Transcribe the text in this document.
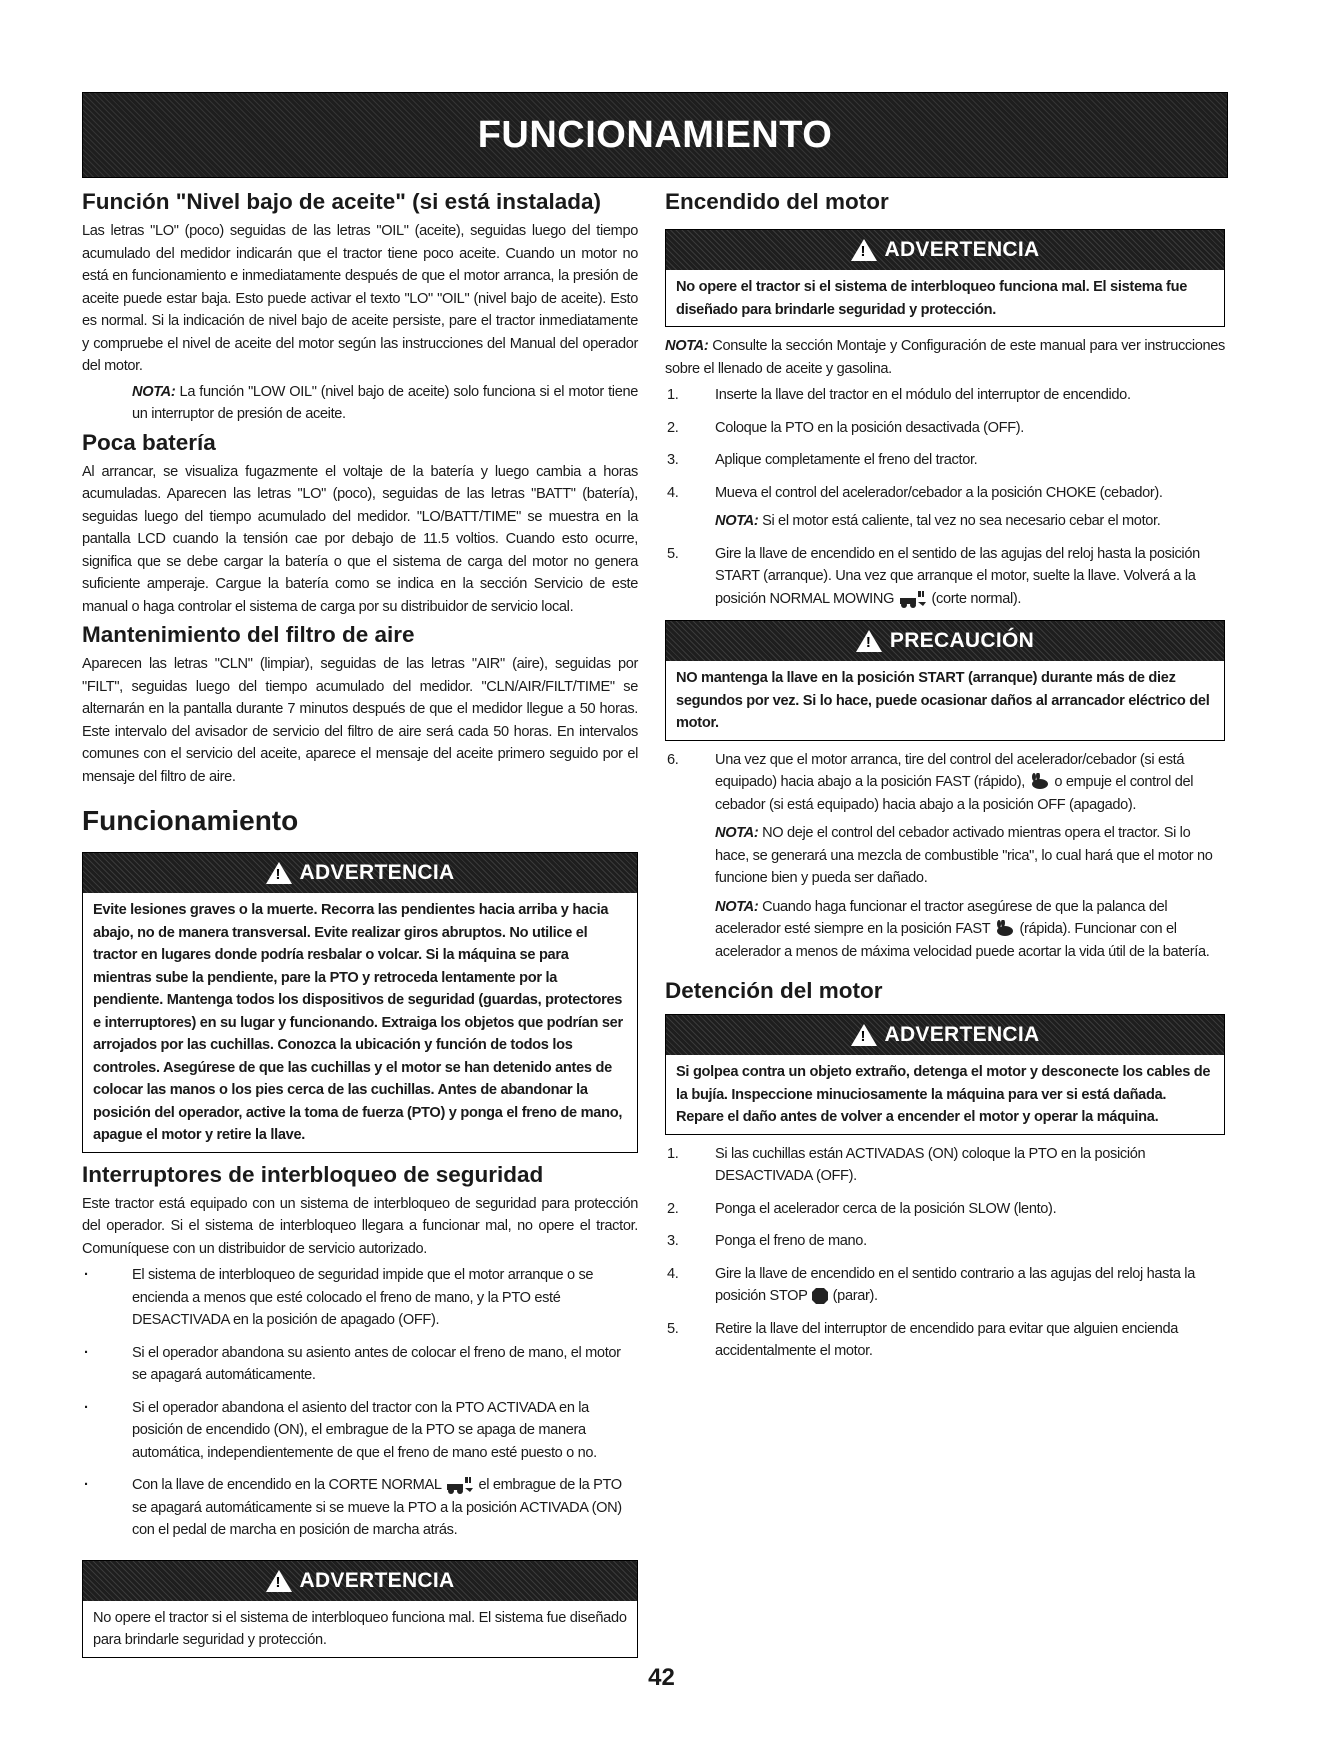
FUNCIONAMIENTO
Función "Nivel bajo de aceite" (si está instalada)

Las letras "LO" (poco) seguidas de las letras "OIL" (aceite), seguidas luego del tiempo acumulado del medidor indicarán que el tractor tiene poco aceite. Cuando un motor no está en funcionamiento e inmediatamente después de que el motor arranca, la presión de aceite puede estar baja. Esto puede activar el texto "LO" "OIL" (nivel bajo de aceite). Esto es normal. Si la indicación de nivel bajo de aceite persiste, pare el tractor inmediatamente y compruebe el nivel de aceite del motor según las instrucciones del Manual del operador del motor.

NOTA: La función "LOW OIL" (nivel bajo de aceite) solo funciona si el motor tiene un interruptor de presión de aceite.

Poca batería

Al arrancar, se visualiza fugazmente el voltaje de la batería y luego cambia a horas acumuladas. Aparecen las letras "LO" (poco), seguidas de las letras "BATT" (batería), seguidas luego del tiempo acumulado del medidor. "LO/BATT/TIME" se muestra en la pantalla LCD cuando la tensión cae por debajo de 11.5 voltios. Cuando esto ocurre, significa que se debe cargar la batería o que el sistema de carga del motor no genera suficiente amperaje. Cargue la batería como se indica en la sección Servicio de este manual o haga controlar el sistema de carga por su distribuidor de servicio local.

Mantenimiento del filtro de aire

Aparecen las letras "CLN" (limpiar), seguidas de las letras "AIR" (aire), seguidas por "FILT", seguidas luego del tiempo acumulado del medidor. "CLN/AIR/FILT/TIME" se alternarán en la pantalla durante 7 minutos después de que el medidor llegue a 50 horas. Este intervalo del avisador de servicio del filtro de aire será cada 50 horas. En intervalos comunes con el servicio del aceite, aparece el mensaje del aceite primero seguido por el mensaje del filtro de aire.

Funcionamiento
!
ADVERTENCIA
Evite lesiones graves o la muerte. Recorra las pendientes hacia arriba y hacia abajo, no de manera transversal. Evite realizar giros abruptos. No utilice el tractor en lugares donde podría resbalar o volcar. Si la máquina se para mientras sube la pendiente, pare la PTO y retroceda lentamente por la pendiente. Mantenga todos los dispositivos de seguridad (guardas, protectores e interruptores) en su lugar y funcionando. Extraiga los objetos que podrían ser arrojados por las cuchillas. Conozca la ubicación y función de todos los controles. Asegúrese de que las cuchillas y el motor se han detenido antes de colocar las manos o los pies cerca de las cuchillas. Antes de abandonar la posición del operador, active la toma de fuerza (PTO) y ponga el freno de mano, apague el motor y retire la llave.
Interruptores de interbloqueo de seguridad

Este tractor está equipado con un sistema de interbloqueo de seguridad para protección del operador. Si el sistema de interbloqueo llegara a funcionar mal, no opere el tractor. Comuníquese con un distribuidor de servicio autorizado.

·	El sistema de interbloqueo de seguridad impide que el motor arranque o se encienda a menos que esté colocado el freno de mano, y la PTO esté DESACTIVADA en la posición de apagado (OFF).
·	Si el operador abandona su asiento antes de colocar el freno de mano, el motor se apagará automáticamente.
·	Si el operador abandona el asiento del tractor con la PTO ACTIVADA en la posición de encendido (ON), el embrague de la PTO se apaga de manera automática, independientemente de que el freno de mano esté puesto o no.
·	Con la llave de encendido en la CORTE NORMAL  el embrague de la PTO se apagará automáticamente si se mueve la PTO a la posición ACTIVADA (ON) con el pedal de marcha en posición de marcha atrás.
!
ADVERTENCIA
No opere el tractor si el sistema de interbloqueo funciona mal. El sistema fue diseñado para brindarle seguridad y protección.
Encendido del motor
!
ADVERTENCIA
No opere el tractor si el sistema de interbloqueo funciona mal. El sistema fue diseñado para brindarle seguridad y protección.

NOTA: Consulte la sección Montaje y Configuración de este manual para ver instrucciones sobre el llenado de aceite y gasolina.

1.	Inserte la llave del tractor en el módulo del interruptor de encendido.
2.	Coloque la PTO en la posición desactivada (OFF).
3.	Aplique completamente el freno del tractor.
4.	Mueva el control del acelerador/cebador a la posición CHOKE (cebador).
NOTA: Si el motor está caliente, tal vez no sea necesario cebar el motor.
5.	Gire la llave de encendido en el sentido de las agujas del reloj hasta la posición START (arranque). Una vez que arranque el motor, suelte la llave. Volverá a la
posición NORMAL MOWING  (corte normal).
!
PRECAUCIÓN
NO mantenga la llave en la posición START (arranque) durante más de diez segundos por vez. Si lo hace, puede ocasionar daños al arrancador eléctrico del motor.
6.	Una vez que el motor arranca, tire del control del acelerador/cebador (si está equipado) hacia abajo a la posición FAST (rápido),  o empuje el control del cebador (si está equipado) hacia abajo a la posición OFF (apagado).
NOTA: NO deje el control del cebador activado mientras opera el tractor. Si lo hace, se generará una mezcla de combustible "rica", lo cual hará que el motor no funcione bien y pueda ser dañado.
NOTA: Cuando haga funcionar el tractor asegúrese de que la palanca del acelerador esté siempre en la posición FAST  (rápida). Funcionar con el acelerador a menos de máxima velocidad puede acortar la vida útil de la batería.
Detención del motor
!
ADVERTENCIA
Si golpea contra un objeto extraño, detenga el motor y desconecte los cables de la bujía. Inspeccione minuciosamente la máquina para ver si está dañada. Repare el daño antes de volver a encender el motor y operar la máquina.
1.	Si las cuchillas están ACTIVADAS (ON) coloque la PTO en la posición DESACTIVADA (OFF).
2.	Ponga el acelerador cerca de la posición SLOW (lento).
3.	Ponga el freno de mano.
4.	Gire la llave de encendido en el sentido contrario a las agujas del reloj hasta la posición STOP  (parar).
5.	Retire la llave del interruptor de encendido para evitar que alguien encienda accidentalmente el motor.
42
